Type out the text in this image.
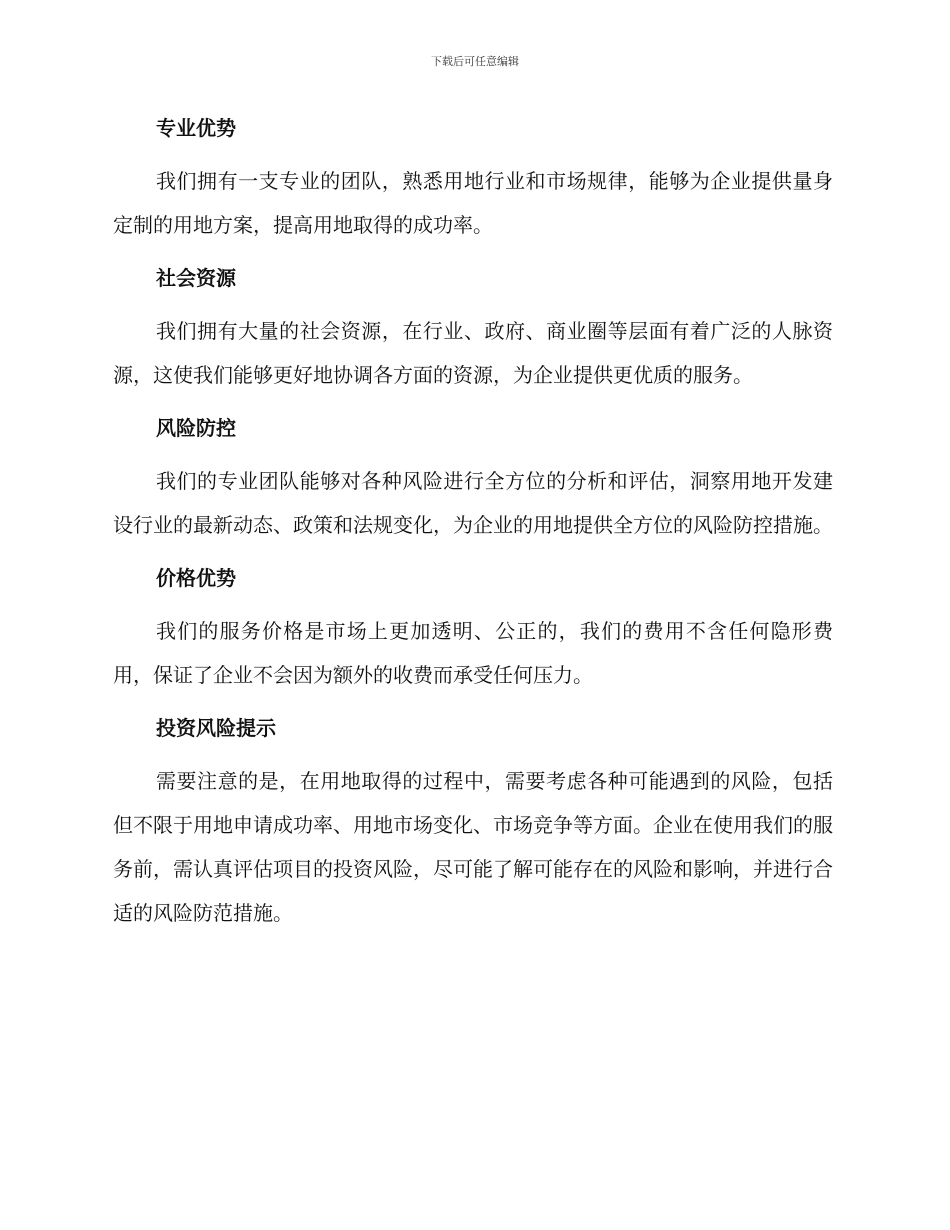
下载后可任意编辑
专业优势

我们拥有一支专业的团队，熟悉用地行业和市场规律，能够为企业提供量身定制的用地方案，提高用地取得的成功率。

社会资源

我们拥有大量的社会资源，在行业、政府、商业圈等层面有着广泛的人脉资源，这使我们能够更好地协调各方面的资源，为企业提供更优质的服务。

风险防控

我们的专业团队能够对各种风险进行全方位的分析和评估，洞察用地开发建设行业的最新动态、政策和法规变化，为企业的用地提供全方位的风险防控措施。

价格优势

我们的服务价格是市场上更加透明、公正的，我们的费用不含任何隐形费用，保证了企业不会因为额外的收费而承受任何压力。

投资风险提示

需要注意的是，在用地取得的过程中，需要考虑各种可能遇到的风险，包括但不限于用地申请成功率、用地市场变化、市场竞争等方面。企业在使用我们的服务前，需认真评估项目的投资风险，尽可能了解可能存在的风险和影响，并进行合适的风险防范措施。
